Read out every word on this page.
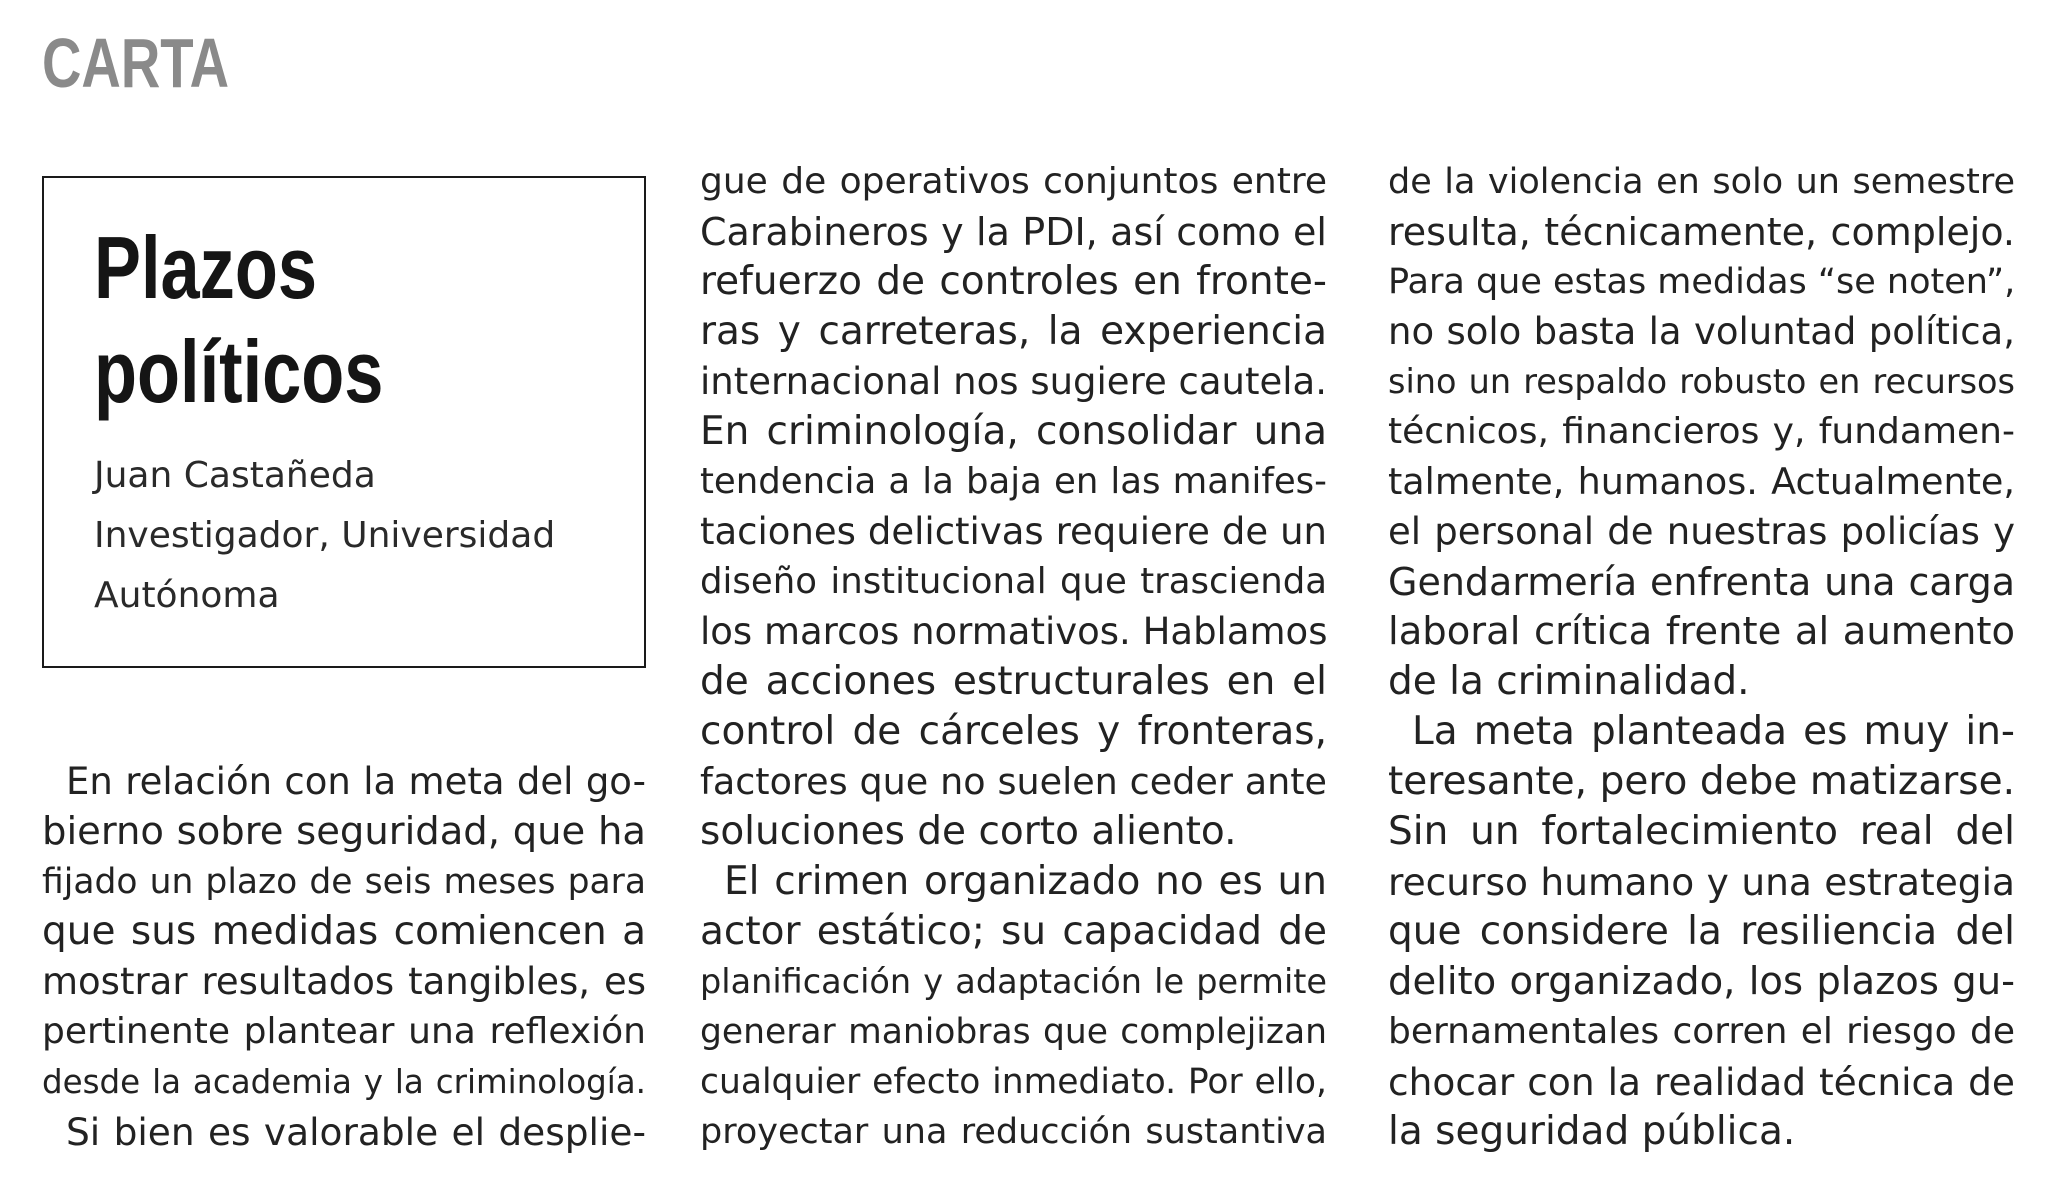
CARTA
Plazos
políticos
Juan Castañeda
Investigador, Universidad
Autónoma
En relación con la meta del go-
bierno sobre seguridad, que ha
fijado un plazo de seis meses para
que sus medidas comiencen a
mostrar resultados tangibles, es
pertinente plantear una reflexión
desde la academia y la criminología.
Si bien es valorable el desplie-
gue de operativos conjuntos entre
Carabineros y la PDI, así como el
refuerzo de controles en fronte-
ras y carreteras, la experiencia
internacional nos sugiere cautela.
En criminología, consolidar una
tendencia a la baja en las manifes-
taciones delictivas requiere de un
diseño institucional que trascienda
los marcos normativos. Hablamos
de acciones estructurales en el
control de cárceles y fronteras,
factores que no suelen ceder ante
soluciones de corto aliento.
El crimen organizado no es un
actor estático; su capacidad de
planificación y adaptación le permite
generar maniobras que complejizan
cualquier efecto inmediato. Por ello,
proyectar una reducción sustantiva
de la violencia en solo un semestre
resulta, técnicamente, complejo.
Para que estas medidas “se noten”,
no solo basta la voluntad política,
sino un respaldo robusto en recursos
técnicos, financieros y, fundamen-
talmente, humanos. Actualmente,
el personal de nuestras policías y
Gendarmería enfrenta una carga
laboral crítica frente al aumento
de la criminalidad.
La meta planteada es muy in-
teresante, pero debe matizarse.
Sin un fortalecimiento real del
recurso humano y una estrategia
que considere la resiliencia del
delito organizado, los plazos gu-
bernamentales corren el riesgo de
chocar con la realidad técnica de
la seguridad pública.
